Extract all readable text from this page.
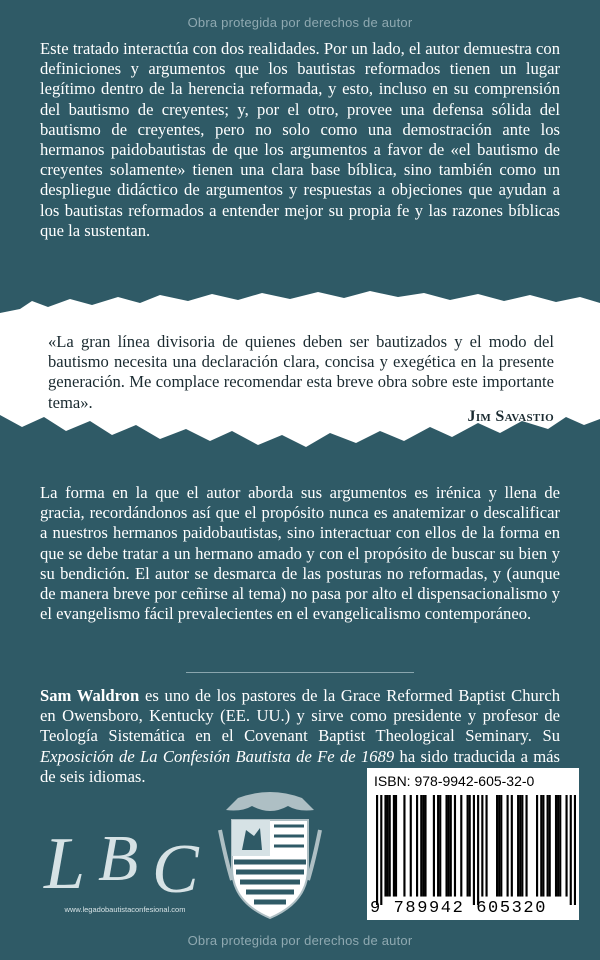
Obra protegida por derechos de autor

Este tratado interactúa con dos realidades. Por un lado, el autor demuestra con definiciones y argumentos que los bautistas reformados tienen un lugar legítimo dentro de la herencia reformada, y esto, incluso en su comprensión del bautismo de creyentes; y, por el otro, provee una defensa sólida del bautismo de creyentes, pero no solo como una demostración ante los hermanos paidobautistas de que los argumentos a favor de «el bautismo de creyentes solamente» tienen una clara base bíblica, sino también como un despliegue didáctico de argumentos y respuestas a objeciones que ayudan a los bautistas reformados a entender mejor su propia fe y las razones bíblicas que la sustentan.

«La gran línea divisoria de quienes deben ser bautizados y el modo del bautismo necesita una declaración clara, concisa y exegética en la presente generación. Me complace recomendar esta breve obra sobre este importante tema».

Jim Savastio

La forma en la que el autor aborda sus argumentos es irénica y llena de gracia, recordándonos así que el propósito nunca es anatemizar o descalificar a nuestros hermanos paidobautistas, sino interactuar con ellos de la forma en que se debe tratar a un hermano amado y con el propósito de buscar su bien y su bendición. El autor se desmarca de las posturas no reformadas, y (aunque de manera breve por ceñirse al tema) no pasa por alto el dispensacionalismo y el evangelismo fácil prevalecientes en el evangelicalismo contemporáneo.

Sam Waldron es uno de los pastores de la Grace Reformed Baptist Church en Owensboro, Kentucky (EE. UU.) y sirve como presidente y profesor de Teología Sistemática en el Covenant Baptist Theological Seminary. Su Exposición de La Confesión Bautista de Fe de 1689 ha sido traducida a más de seis idiomas.

L B C
www.legadobautistaconfesional.com
ISBN: 978-9942-605-32-0
9 789942 605320
Obra protegida por derechos de autor
